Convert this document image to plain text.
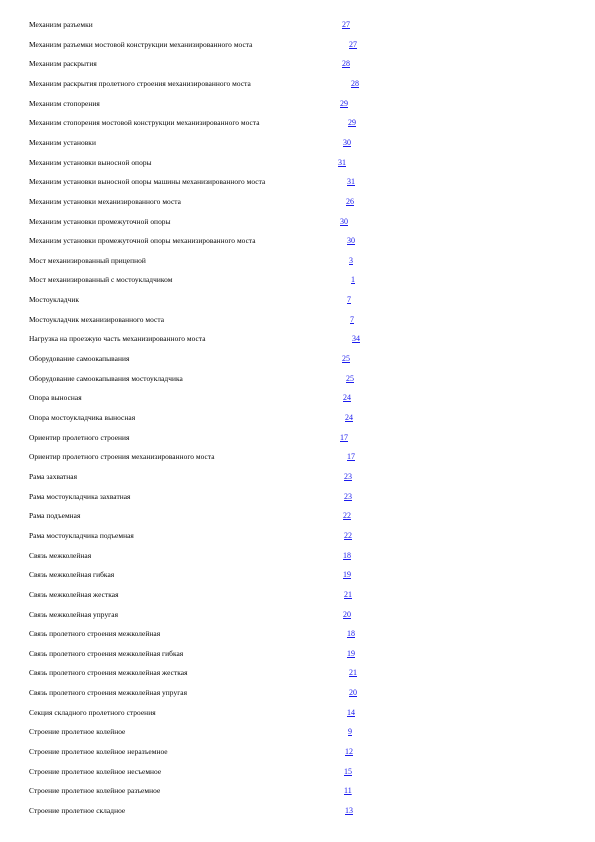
Механизм разъемки	27
Механизм разъемки мостовой конструкции механизированного моста	27
Механизм раскрытия	28
Механизм раскрытия пролетного строения механизированного моста	28
Механизм стопорения	29
Механизм стопорения мостовой конструкции механизированного моста	29
Механизм установки	30
Механизм установки выносной опоры	31
Механизм установки выносной опоры машины механизированного моста	31
Механизм установки механизированного моста	26
Механизм установки промежуточной опоры	30
Механизм установки промежуточной опоры механизированного моста	30
Мост механизированный прицепной	3
Мост механизированный с мостоукладчиком	1
Мостоукладчик	7
Мостоукладчик механизированного моста	7
Нагрузка на проезжую часть механизированного моста	34
Оборудование самоокапывания	25
Оборудование самоокапывания мостоукладчика	25
Опора выносная	24
Опора мостоукладчика выносная	24
Ориентир пролетного строения	17
Ориентир пролетного строения механизированного моста	17
Рама захватная	23
Рама мостоукладчика захватная	23
Рама подъемная	22
Рама мостоукладчика подъемная	22
Связь межколейная	18
Связь межколейная гибкая	19
Связь межколейная жесткая	21
Связь межколейная упругая	20
Связь пролетного строения межколейная	18
Связь пролетного строения межколейная гибкая	19
Связь пролетного строения межколейная жесткая	21
Связь пролетного строения межколейная упругая	20
Секция складного пролетного строения	14
Строение пролетное колейное	9
Строение пролетное колейное неразъемное	12
Строение пролетное колейное несъемное	15
Строение пролетное колейное разъемное	11
Строение пролетное складное	13
